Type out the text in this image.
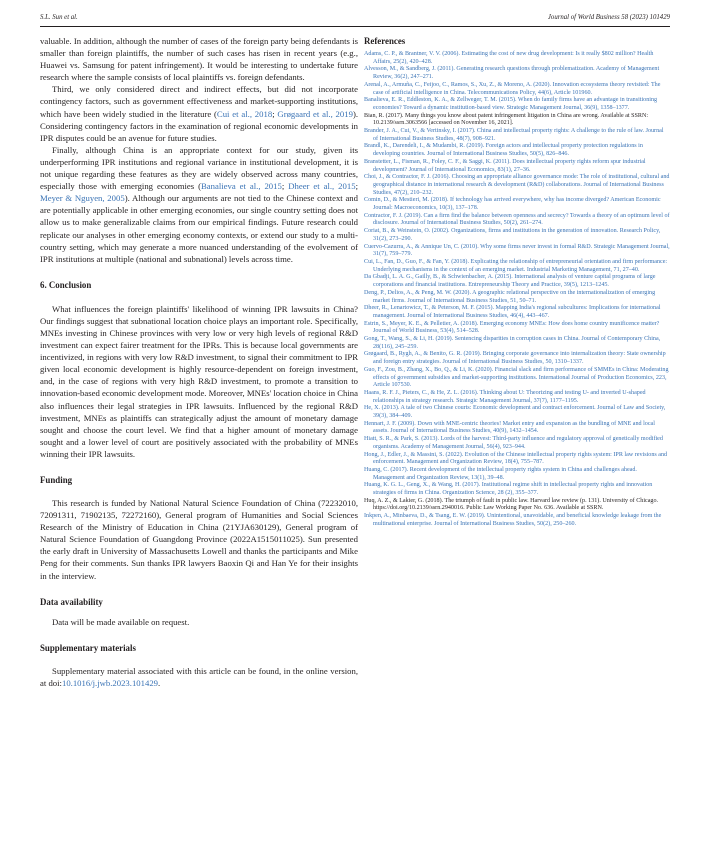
S.L. Sun et al.	Journal of World Business 58 (2023) 101429

valuable. In addition, although the number of cases of the foreign party being defendants is smaller than foreign plaintiffs, the number of such cases has risen in recent years (e.g., Huawei vs. Samsung for patent infringement). It would be interesting to undertake future research where the sample consists of local plaintiffs vs. foreign defendants.

Third, we only considered direct and indirect effects, but did not incorporate contingency factors, such as government effectiveness and market-supporting institutions, which have been widely studied in the literature (Cui et al., 2018; Grøgaard et al., 2019). Considering contingency factors in the examination of regional economic developments in IPR disputes could be an avenue for future studies.

Finally, although China is an appropriate context for our study, given its underperforming IPR institutions and regional variance in institutional development, it is not unique regarding these features as they are widely observed across many countries, especially those with emerging economies (Banalieva et al., 2015; Dheer et al., 2015; Meyer & Nguyen, 2005). Although our arguments are not tied to the Chinese context and are potentially applicable in other emerging economies, our single country setting does not allow us to make generalizable claims from our empirical findings. Future research could replicate our analyses in other emerging economy contexts, or extend our study to a multi-country setting, which may generate a more nuanced understanding of the evolvement of IPR institutions at multiple (national and subnational) levels across time.

6. Conclusion

What influences the foreign plaintiffs' likelihood of winning IPR lawsuits in China? Our findings suggest that subnational location choice plays an important role. Specifically, MNEs investing in Chinese provinces with very low or very high levels of regional R&D investment can expect fairer treatment for the IPRs. This is because local governments are incentivized, in regions with very low R&D investment, to signal their commitment to IPR given local economic development is highly resource-dependent on foreign investment, and, in the case of regions with very high R&D investment, to promote a transition to innovation-based economic development mode. Moreover, MNEs' location choice in China also influences their legal strategies in IPR lawsuits. Influenced by the regional R&D investment, MNEs as plaintiffs can strategically adjust the amount of monetary damage sought and choose the court level. We find that a higher amount of monetary damage sought and a lower level of court are positively associated with the probability of MNEs winning their IPR lawsuits.

Funding

This research is funded by National Natural Science Foundation of China (72232010, 72091311, 71902135, 72272160), General program of Humanities and Social Sciences Research of the Ministry of Education in China (21YJA630129), General program of Natural Science Foundation of Guangdong Province (2022A1515011025). Sun presented the early draft in University of Massachusetts Lowell and thanks the participants and Mike Peng for their comments. Sun thanks IPR lawyers Baoxin Qi and Han Ye for their insights in the interview.

Data availability

Data will be made available on request.

Supplementary materials

Supplementary material associated with this article can be found, in the online version, at doi:10.1016/j.jwb.2023.101429.

References

Adams, C. P., & Brantner, V. V. (2006). Estimating the cost of new drug development: Is it really $802 million? Health Affairs, 25(2), 420–428.

Alvesson, M., & Sandberg, J. (2011). Generating research questions through problematization. Academy of Management Review, 36(2), 247–271.

Arenal, A., Armuña, C., Feijoo, C., Ramos, S., Xu, Z., & Moreno, A. (2020). Innovation ecosystems theory revisited: The case of artificial intelligence in China. Telecommunications Policy, 44(6), Article 101960.

Banalieva, E. R., Eddleston, K. A., & Zellweger, T. M. (2015). When do family firms have an advantage in transitioning economies? Toward a dynamic institution-based view. Strategic Management Journal, 36(9), 1358–1377.

Bian, R. (2017). Many things you know about patent infringement litigation in China are wrong. Available at SSRN: 10.2139/ssrn.3063566 [accessed on November 16, 2021].

Brander, J. A., Cui, V., & Vertinsky, I. (2017). China and intellectual property rights: A challenge to the rule of law. Journal of International Business Studies, 48(7), 908–921.

Brandl, K., Darendeli, I., & Mudambi, R. (2019). Foreign actors and intellectual property protection regulations in developing countries. Journal of International Business Studies, 50(5), 826–846.

Branstetter, L., Fisman, R., Foley, C. F., & Saggi, K. (2011). Does intellectual property rights reform spur industrial development? Journal of International Economics, 83(1), 27–36.

Choi, J., & Contractor, F. J. (2016). Choosing an appropriate alliance governance mode: The role of institutional, cultural and geographical distance in international research & development (R&D) collaborations. Journal of International Business Studies, 47(2), 210–232.

Comin, D., & Mestieri, M. (2018). If technology has arrived everywhere, why has income diverged? American Economic Journal: Macroeconomics, 10(3), 137–178.

Contractor, F. J. (2019). Can a firm find the balance between openness and secrecy? Towards a theory of an optimum level of disclosure. Journal of International Business Studies, 50(2), 261–274.

Coriat, B., & Weinstein, O. (2002). Organizations, firms and institutions in the generation of innovation. Research Policy, 31(2), 273–290.

Cuervo-Cazurra, A., & Annique Un, C. (2010). Why some firms never invest in formal R&D. Strategic Management Journal, 31(7), 759–779.

Cui, L., Fan, D., Guo, F., & Fan, Y. (2018). Explicating the relationship of entrepreneurial orientation and firm performance: Underlying mechanisms in the context of an emerging market. Industrial Marketing Management, 71, 27–40.

Da Gbadji, L. A. G., Gailly, B., & Schwienbacher, A. (2015). International analysis of venture capital programs of large corporations and financial institutions. Entrepreneurship Theory and Practice, 39(5), 1213–1245.

Deng, P., Delios, A., & Peng, M. W. (2020). A geographic relational perspective on the internationalization of emerging market firms. Journal of International Business Studies, 51, 50–71.

Dheer, R., Lenartowicz, T., & Peterson, M. F. (2015). Mapping India's regional subcultures: Implications for international management. Journal of International Business Studies, 46(4), 443–467.

Estrin, S., Meyer, K. E., & Pelletier, A. (2018). Emerging economy MNEs: How does home country munificence matter? Journal of World Business, 53(4), 514–528.

Gong, T., Wang, S., & Li, H. (2019). Sentencing disparities in corruption cases in China. Journal of Contemporary China, 28(116), 245–259.

Grøgaard, B., Rygh, A., & Benito, G. R. (2019). Bringing corporate governance into internalization theory: State ownership and foreign entry strategies. Journal of International Business Studies, 50, 1310–1337.

Guo, F., Zou, B., Zhang, X., Bo, Q., & Li, K. (2020). Financial slack and firm performance of SMMEs in China: Moderating effects of government subsidies and market-supporting institutions. International Journal of Production Economics, 223, Article 107530.

Haans, R. F. J., Pieters, C., & He, Z. L. (2016). Thinking about U: Theorizing and testing U- and inverted U-shaped relationships in strategy research. Strategic Management Journal, 37(7), 1177–1195.

He, X. (2013). A tale of two Chinese courts: Economic development and contract enforcement. Journal of Law and Society, 39(3), 384–409.

Hennart, J. F. (2009). Down with MNE-centric theories! Market entry and expansion as the bundling of MNE and local assets. Journal of International Business Studies, 40(9), 1432–1454.

Hiatt, S. R., & Park, S. (2013). Lords of the harvest: Third-party influence and regulatory approval of genetically modified organisms. Academy of Management Journal, 56(4), 923–944.

Hong, J., Edler, J., & Massini, S. (2022). Evolution of the Chinese intellectual property rights system: IPR law revisions and enforcement. Management and Organization Review, 18(4), 755–787.

Huang, C. (2017). Recent development of the intellectual property rights system in China and challenges ahead. Management and Organization Review, 13(1), 39–48.

Huang, K. G. L., Geng, X., & Wang, H. (2017). Institutional regime shift in intellectual property rights and innovation strategies of firms in China. Organization Science, 28 (2), 355–377.

Huq, A. Z., & Lakier, G. (2018). The triumph of fault in public law. Harvard law review (p. 131). University of Chicago. https://doi.org/10.2139/ssrn.2940016. Public Law Working Paper No. 636. Available at SSRN.

Inkpen, A., Minbaeva, D., & Tsang, E. W. (2019). Unintentional, unavoidable, and beneficial knowledge leakage from the multinational enterprise. Journal of International Business Studies, 50(2), 250–260.
